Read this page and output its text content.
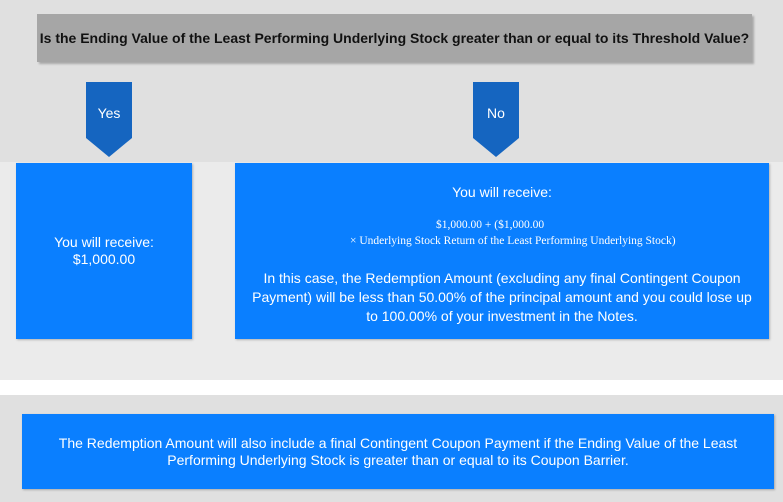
Is the Ending Value of the Least Performing Underlying Stock greater than or equal to its Threshold Value?
Yes	No
You will receive:
$1,000.00
You will receive:
$1,000.00 + ($1,000.00
× Underlying Stock Return of the Least Performing Underlying Stock)
In this case, the Redemption Amount (excluding any final Contingent Coupon Payment) will be less than 50.00% of the principal amount and you could lose up to 100.00% of your investment in the Notes.
The Redemption Amount will also include a final Contingent Coupon Payment if the Ending Value of the Least Performing Underlying Stock is greater than or equal to its Coupon Barrier.
